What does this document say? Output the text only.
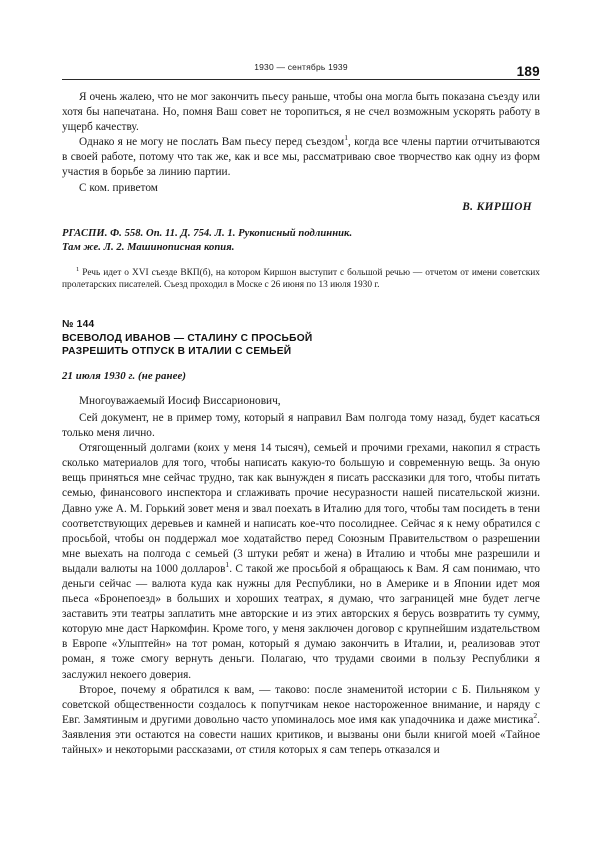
1930 — сентябрь 1939	189

Я очень жалею, что не мог закончить пьесу раньше, чтобы она могла быть показана съезду или хотя бы напечатана. Но, помня Ваш совет не торопиться, я не счел возможным ускорять работу в ущерб качеству.

Однако я не могу не послать Вам пьесу перед съездом$^1$, когда все члены партии отчитываются в своей работе, потому что так же, как и все мы, рассматриваю свое творчество как одну из форм участия в борьбе за линию партии.

С ком. приветом

В. КИРШОН

РГАСПИ. Ф. 558. Оп. 11. Д. 754. Л. 1. Рукописный подлинник.
Там же. Л. 2. Машинописная копия.

$^1$ Речь идет о XVI съезде ВКП(б), на котором Киршон выступит с большой речью — отчетом от имени советских пролетарских писателей. Съезд проходил в Моске с 26 июня по 13 июля 1930 г.

№ 144
ВСЕВОЛОД ИВАНОВ — СТАЛИНУ С ПРОСЬБОЙ
РАЗРЕШИТЬ ОТПУСК В ИТАЛИИ С СЕМЬЕЙ

21 июля 1930 г. (не ранее)

Многоуважаемый Иосиф Виссарионович,

Сей документ, не в пример тому, который я направил Вам полгода тому назад, будет касаться только меня лично.

Отягощенный долгами (коих у меня 14 тысяч), семьей и прочими грехами, накопил я страсть сколько материалов для того, чтобы написать какую-то большую и современную вещь. За оную вещь приняться мне сейчас трудно, так как вынужден я писать рассказики для того, чтобы питать семью, финансового инспектора и сглаживать прочие несуразности нашей писательской жизни. Давно уже А. М. Горький зовет меня и звал поехать в Италию для того, чтобы там посидеть в тени соответствующих деревьев и камней и написать кое-что посолиднее. Сейчас я к нему обратился с просьбой, чтобы он поддержал мое ходатайство перед Союзным Правительством о разрешении мне выехать на полгода с семьей (3 штуки ребят и жена) в Италию и чтобы мне разрешили и выдали валюты на 1000 долларов$^1$. С такой же просьбой я обращаюсь к Вам. Я сам понимаю, что деньги сейчас — валюта куда как нужны для Республики, но в Америке и в Японии идет моя пьеса «Бронепоезд» в больших и хороших театрах, я думаю, что заграницей мне будет легче заставить эти театры заплатить мне авторские и из этих авторских я берусь возвратить ту сумму, которую мне даст Наркомфин. Кроме того, у меня заключен договор с крупнейшим издательством в Европе «Улыптейн» на тот роман, который я думаю закончить в Италии, и, реализовав этот роман, я тоже смогу вернуть деньги. Полагаю, что трудами своими в пользу Республики я заслужил некоего доверия.

Второе, почему я обратился к вам, — таково: после знаменитой истории с Б. Пильняком у советской общественности создалось к попутчикам некое настороженное внимание, и наряду с Евг. Замятиным и другими довольно часто упоминалось мое имя как упадочника и даже мистика$^2$. Заявления эти остаются на совести наших критиков, и вызваны они были книгой моей «Тайное тайных» и некоторыми рассказами, от стиля которых я сам теперь отказался и
